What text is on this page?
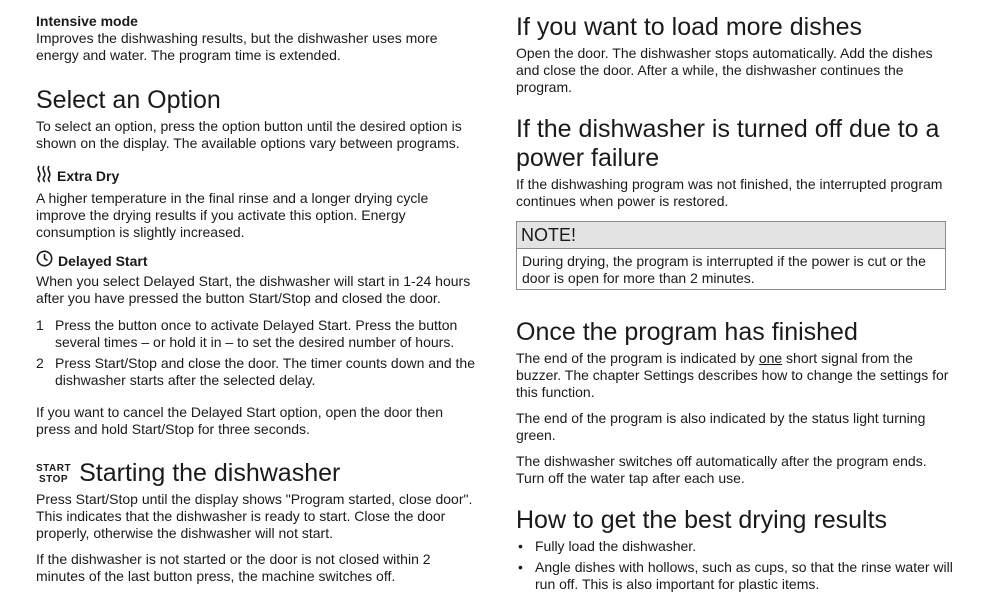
Intensive mode

Improves the dishwashing results, but the dishwasher uses more energy and water. The program time is extended.

Select an Option

To select an option, press the option button until the desired option is shown on the display. The available options vary between programs.

Extra Dry

A higher temperature in the final rinse and a longer drying cycle improve the drying results if you activate this option. Energy consumption is slightly increased.

Delayed Start

When you select Delayed Start, the dishwasher will start in 1-24 hours after you have pressed the button Start/Stop and closed the door.

1 Press the button once to activate Delayed Start. Press the button several times – or hold it in – to set the desired number of hours.
2 Press Start/Stop and close the door. The timer counts down and the dishwasher starts after the selected delay.

If you want to cancel the Delayed Start option, open the door then press and hold Start/Stop for three seconds.

START
STOP Starting the dishwasher

Press Start/Stop until the display shows "Program started, close door". This indicates that the dishwasher is ready to start. Close the door properly, otherwise the dishwasher will not start.

If the dishwasher is not started or the door is not closed within 2 minutes of the last button press, the machine switches off.

If you want to load more dishes

Open the door. The dishwasher stops automatically. Add the dishes and close the door. After a while, the dishwasher continues the program.

If the dishwasher is turned off due to a power failure

If the dishwashing program was not finished, the interrupted program continues when power is restored.

NOTE!
During drying, the program is interrupted if the power is cut or the door is open for more than 2 minutes.
Once the program has finished

The end of the program is indicated by one short signal from the buzzer. The chapter Settings describes how to change the settings for this function.

The end of the program is also indicated by the status light turning green.

The dishwasher switches off automatically after the program ends. Turn off the water tap after each use.

How to get the best drying results
• Fully load the dishwasher.
• Angle dishes with hollows, such as cups, so that the rinse water will run off. This is also important for plastic items.
